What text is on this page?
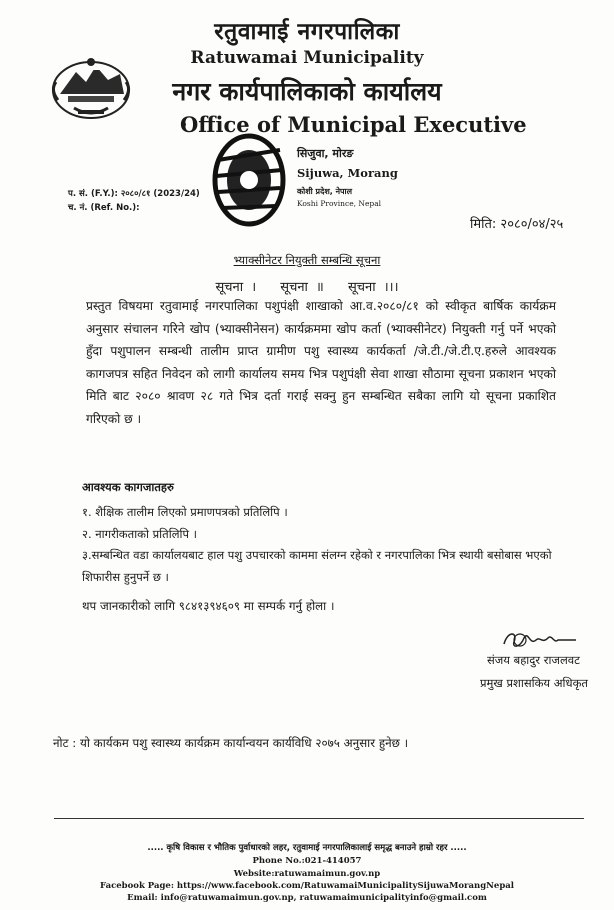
रतुवामाई नगरपालिका
Ratuwamai Municipality
नगर कार्यपालिकाको कार्यालय
Office of Municipal Executive
सिजुवा, मोरङ
Sijuwa, Morang
कोशी प्रदेश, नेपाल
Koshi Province, Nepal
प. सं. (F.Y.): २०८०/८१ (2023/24)
च. नं. (Ref. No.):
मिति: २०८०/०४/२५
भ्याक्सीनेटर नियुक्ती सम्बन्धि सूचना
सूचना । सूचना ॥ सूचना ।।।
प्रस्तुत विषयमा रतुवामाई नगरपालिका पशुपंक्षी शाखाको आ.व.२०८०/८१ को स्वीकृत बार्षिक कार्यक्रम अनुसार संचालन गरिने खोप (भ्याक्सीनेसन) कार्यक्रममा खोप कर्ता (भ्याक्सीनेटर) नियुक्ती गर्नु पर्ने भएको हुँदा पशुपालन सम्बन्धी तालीम प्राप्त ग्रामीण पशु स्वास्थ्य कार्यकर्ता /जे.टी./जे.टी.ए.हरुले आवश्यक कागजपत्र सहित निवेदन को लागी कार्यालय समय भित्र पशुपंक्षी सेवा शाखा सौठामा सूचना प्रकाशन भएको मिति बाट २०८० श्रावण २८ गते भित्र दर्ता गराई सक्नु हुन सम्बन्धित सबैका लागि यो सूचना प्रकाशित गरिएको छ ।
आवश्यक कागजातहरु
१. शैक्षिक तालीम लिएको प्रमाणपत्रको प्रतिलिपि ।
२. नागरीकताको प्रतिलिपि ।
३.सम्बन्धित वडा कार्यालयबाट हाल पशु उपचारको काममा संलग्न रहेको र नगरपालिका भित्र स्थायी बसोबास भएको शिफारीस हुनुपर्ने छ ।
थप जानकारीको लागि ९८४१३९४६०९ मा सम्पर्क गर्नु होला ।
संजय बहादुर राजलवट
प्रमुख प्रशासकिय अधिकृत
नोट : यो कार्यकम पशु स्वास्थ्य कार्यक्रम कार्यान्वयन कार्यविधि २०७५ अनुसार हुनेछ ।
..... कृषि विकास र भौतिक पुर्वाधारको लहर, रतुवामाई नगरपालिकालाई समृद्ध बनाउने हाम्रो रहर .....
Phone No.:021-414057
Website:ratuwamaimun.gov.np
Facebook Page: https://www.facebook.com/RatuwamaiMunicipalitySijuwaMorangNepal
Email: info@ratuwamaimun.gov.np, ratuwamaimunicipalityinfo@gmail.com
